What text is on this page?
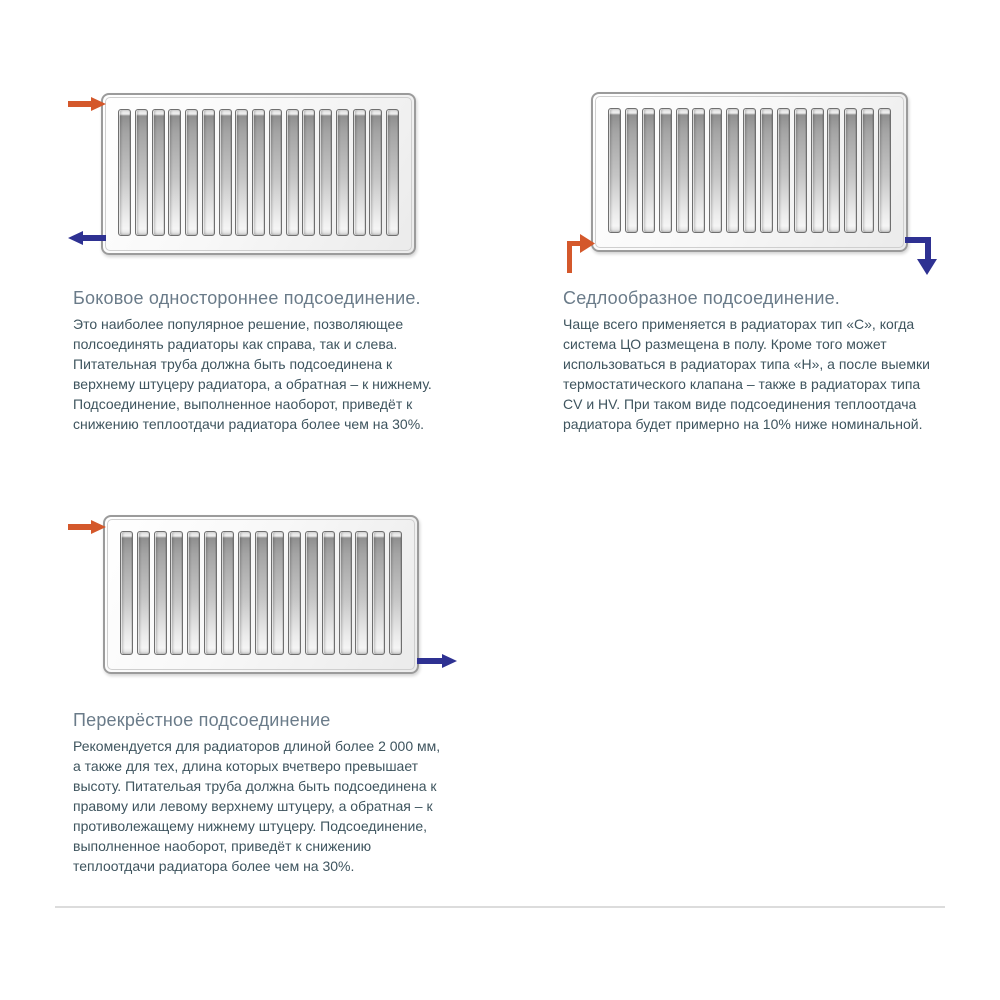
Боковое одностороннее подсоединение.

Это наиболее популярное решение, позволяющее полсоединять радиаторы как справа, так и слева. Питательная труба должна быть подсоединена к верхнему штуцеру радиатора, а обратная – к нижнему. Подсоединение, выполненное наоборот, приведёт к снижению теплоотдачи радиатора более чем на 30%.

Седлообразное подсоединение.

Чаще всего применяется в радиаторах тип «С», когда система ЦО размещена в полу. Кроме того может использоваться в радиаторах типа «Н», а после выемки термостатического клапана – также в радиаторах типа CV и HV. При таком виде подсоединения теплоотдача радиатора будет примерно на 10% ниже номинальной.

Перекрёстное подсоединение

Рекомендуется для радиаторов длиной более 2 000 мм, а также для тех, длина которых вчетверо превышает высоту. Питательая труба должна быть подсоединена к правому или левому верхнему штуцеру, а обратная – к противолежащему нижнему штуцеру. Подсоединение, выполненное наоборот, приведёт к снижению теплоотдачи радиатора более чем на 30%.
